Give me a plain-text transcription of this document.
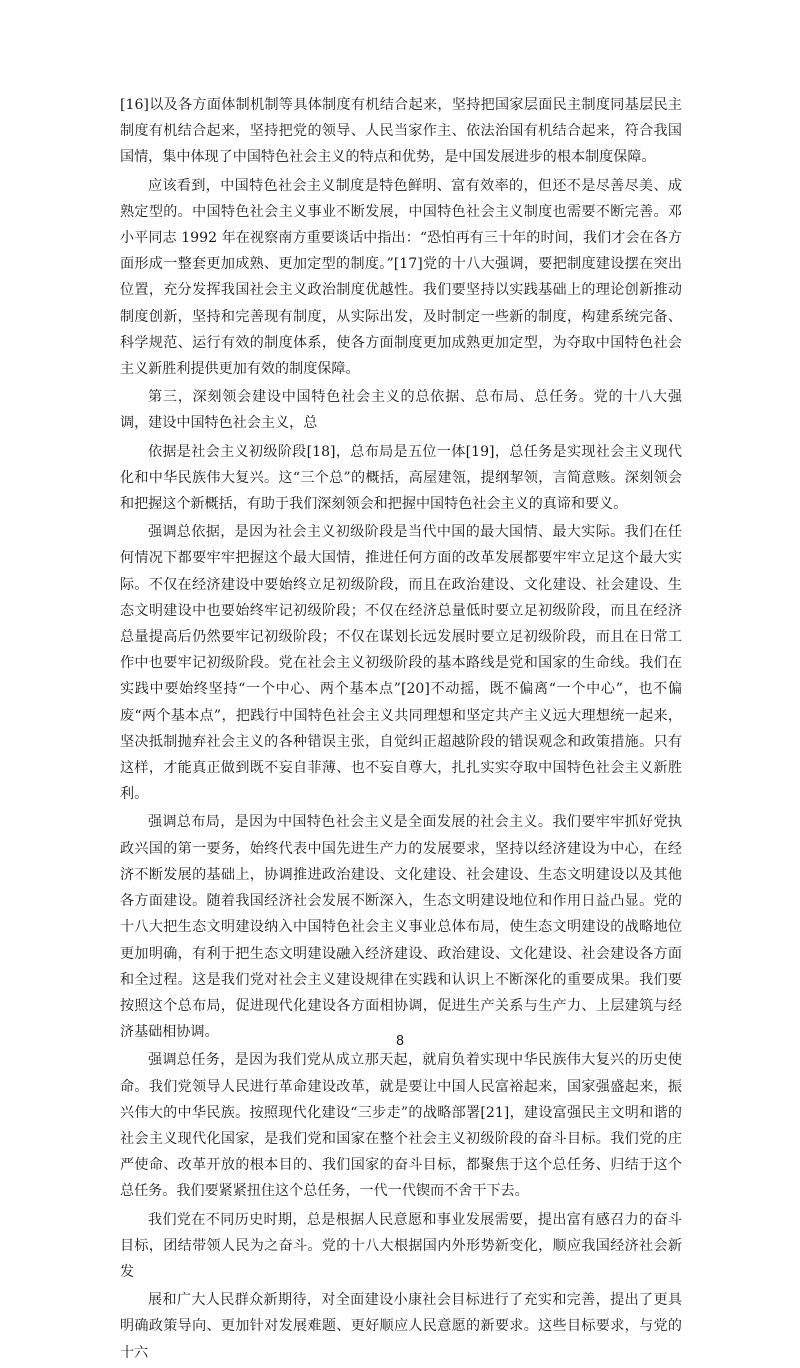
[16]以及各方面体制机制等具体制度有机结合起来，坚持把国家层面民主制度同基层民主制度有机结合起来，坚持把党的领导、人民当家作主、依法治国有机结合起来，符合我国国情，集中体现了中国特色社会主义的特点和优势，是中国发展进步的根本制度保障。

应该看到，中国特色社会主义制度是特色鲜明、富有效率的，但还不是尽善尽美、成熟定型的。中国特色社会主义事业不断发展，中国特色社会主义制度也需要不断完善。邓小平同志 1992 年在视察南方重要谈话中指出：“恐怕再有三十年的时间，我们才会在各方面形成一整套更加成熟、更加定型的制度。”[17]党的十八大强调，要把制度建设摆在突出位置，充分发挥我国社会主义政治制度优越性。我们要坚持以实践基础上的理论创新推动制度创新，坚持和完善现有制度，从实际出发，及时制定一些新的制度，构建系统完备、科学规范、运行有效的制度体系，使各方面制度更加成熟更加定型，为夺取中国特色社会主义新胜利提供更加有效的制度保障。

第三，深刻领会建设中国特色社会主义的总依据、总布局、总任务。党的十八大强调，建设中国特色社会主义，总

依据是社会主义初级阶段[18]，总布局是五位一体[19]，总任务是实现社会主义现代化和中华民族伟大复兴。这“三个总”的概括，高屋建瓴，提纲挈领，言简意赅。深刻领会和把握这个新概括，有助于我们深刻领会和把握中国特色社会主义的真谛和要义。

强调总依据，是因为社会主义初级阶段是当代中国的最大国情、最大实际。我们在任何情况下都要牢牢把握这个最大国情，推进任何方面的改革发展都要牢牢立足这个最大实际。不仅在经济建设中要始终立足初级阶段，而且在政治建设、文化建设、社会建设、生态文明建设中也要始终牢记初级阶段；不仅在经济总量低时要立足初级阶段，而且在经济总量提高后仍然要牢记初级阶段；不仅在谋划长远发展时要立足初级阶段，而且在日常工作中也要牢记初级阶段。党在社会主义初级阶段的基本路线是党和国家的生命线。我们在实践中要始终坚持“一个中心、两个基本点”[20]不动摇，既不偏离“一个中心”，也不偏废“两个基本点”，把践行中国特色社会主义共同理想和坚定共产主义远大理想统一起来，坚决抵制抛弃社会主义的各种错误主张，自觉纠正超越阶段的错误观念和政策措施。只有这样，才能真正做到既不妄自菲薄、也不妄自尊大，扎扎实实夺取中国特色社会主义新胜利。

强调总布局，是因为中国特色社会主义是全面发展的社会主义。我们要牢牢抓好党执政兴国的第一要务，始终代表中国先进生产力的发展要求，坚持以经济建设为中心，在经济不断发展的基础上，协调推进政治建设、文化建设、社会建设、生态文明建设以及其他各方面建设。随着我国经济社会发展不断深入，生态文明建设地位和作用日益凸显。党的十八大把生态文明建设纳入中国特色社会主义事业总体布局，使生态文明建设的战略地位更加明确，有利于把生态文明建设融入经济建设、政治建设、文化建设、社会建设各方面和全过程。这是我们党对社会主义建设规律在实践和认识上不断深化的重要成果。我们要按照这个总布局，促进现代化建设各方面相协调，促进生产关系与生产力、上层建筑与经济基础相协调。

强调总任务，是因为我们党从成立那天起，就肩负着实现中华民族伟大复兴的历史使命。我们党领导人民进行革命建设改革，就是要让中国人民富裕起来，国家强盛起来，振兴伟大的中华民族。按照现代化建设“三步走”的战略部署[21]，建设富强民主文明和谐的社会主义现代化国家，是我们党和国家在整个社会主义初级阶段的奋斗目标。我们党的庄严使命、改革开放的根本目的、我们国家的奋斗目标，都聚焦于这个总任务、归结于这个总任务。我们要紧紧扭住这个总任务，一代一代锲而不舍干下去。

我们党在不同历史时期，总是根据人民意愿和事业发展需要，提出富有感召力的奋斗目标，团结带领人民为之奋斗。党的十八大根据国内外形势新变化，顺应我国经济社会新发

展和广大人民群众新期待，对全面建设小康社会目标进行了充实和完善，提出了更具明确政策导向、更加针对发展难题、更好顺应人民意愿的新要求。这些目标要求，与党的十六

8
